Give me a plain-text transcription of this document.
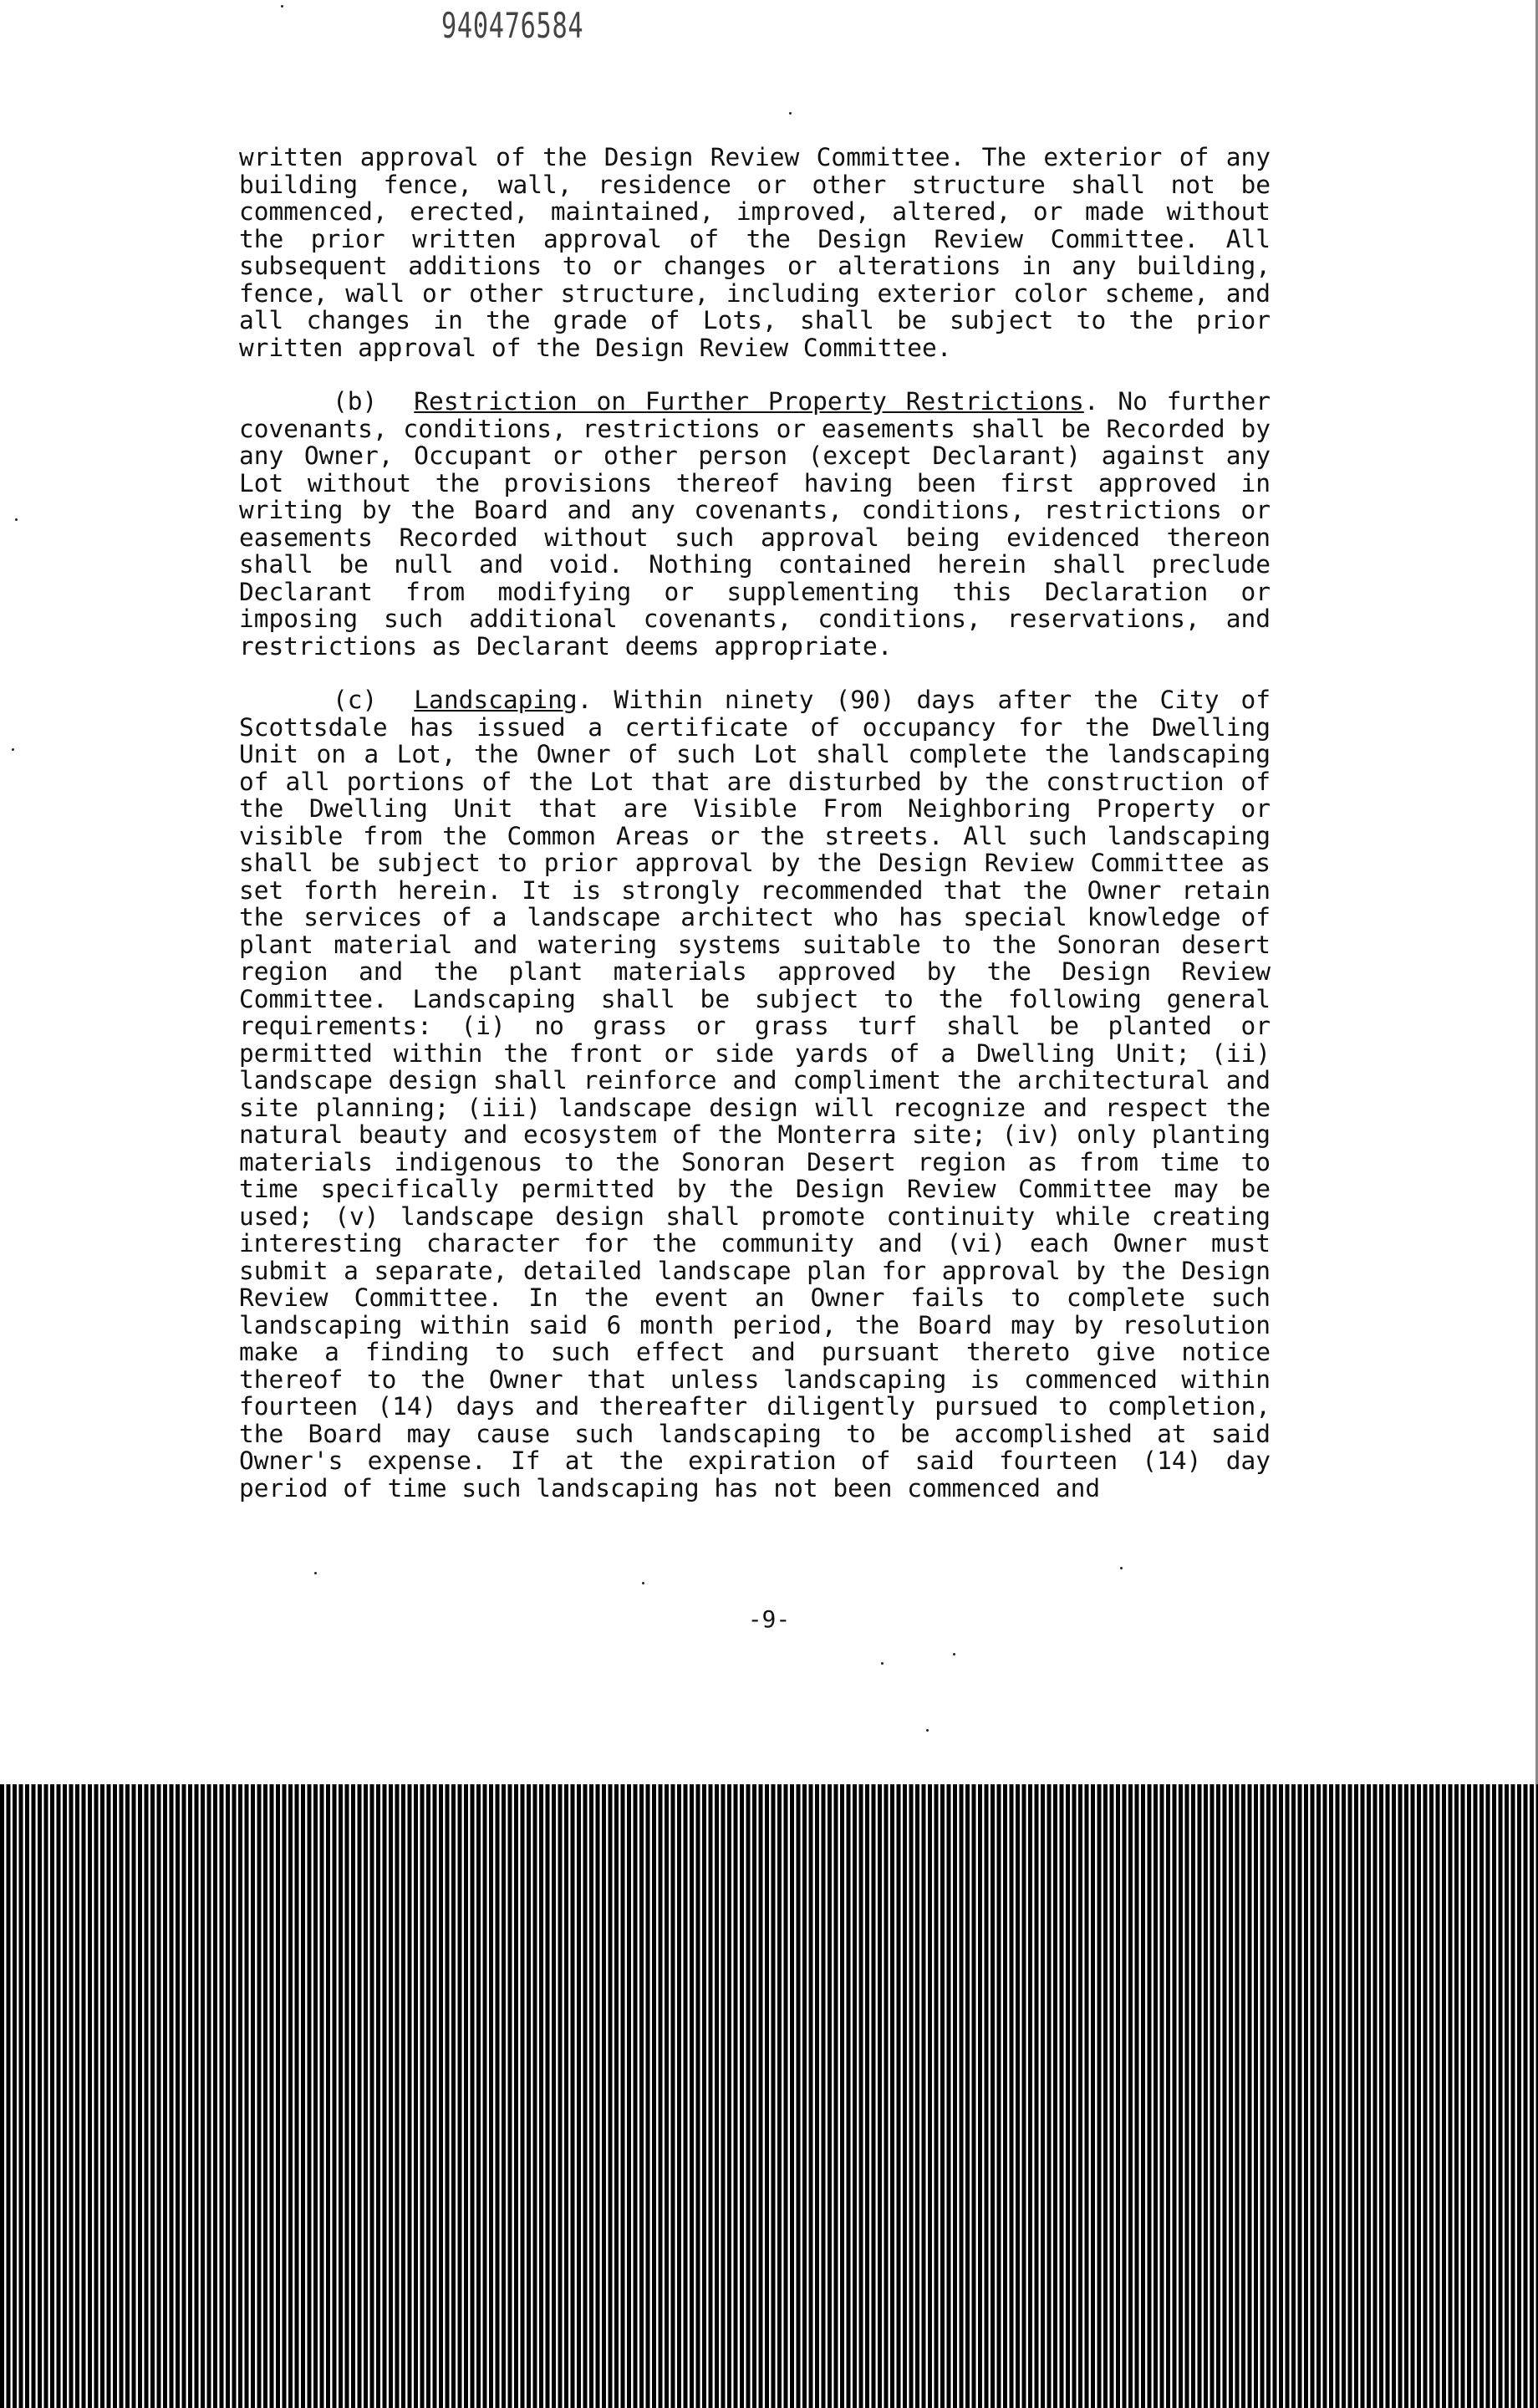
940476584

written approval of the Design Review Committee. The exterior of any building fence, wall, residence or other structure shall not be commenced, erected, maintained, improved, altered, or made without the prior written approval of the Design Review Committee. All subsequent additions to or changes or alterations in any building, fence, wall or other structure, including exterior color scheme, and all changes in the grade of Lots, shall be subject to the prior written approval of the Design Review Committee.

(b) Restriction on Further Property Restrictions. No further covenants, conditions, restrictions or easements shall be Recorded by any Owner, Occupant or other person (except Declarant) against any Lot without the provisions thereof having been first approved in writing by the Board and any covenants, conditions, restrictions or easements Recorded without such approval being evidenced thereon shall be null and void. Nothing contained herein shall preclude Declarant from modifying or supplementing this Declaration or imposing such additional covenants, conditions, reservations, and restrictions as Declarant deems appropriate.

(c) Landscaping. Within ninety (90) days after the City of Scottsdale has issued a certificate of occupancy for the Dwelling Unit on a Lot, the Owner of such Lot shall complete the landscaping of all portions of the Lot that are disturbed by the construction of the Dwelling Unit that are Visible From Neighboring Property or visible from the Common Areas or the streets. All such landscaping shall be subject to prior approval by the Design Review Committee as set forth herein. It is strongly recommended that the Owner retain the services of a landscape architect who has special knowledge of plant material and watering systems suitable to the Sonoran desert region and the plant materials approved by the Design Review Committee. Landscaping shall be subject to the following general requirements: (i) no grass or grass turf shall be planted or permitted within the front or side yards of a Dwelling Unit; (ii) landscape design shall reinforce and compliment the architectural and site planning; (iii) landscape design will recognize and respect the natural beauty and ecosystem of the Monterra site; (iv) only planting materials indigenous to the Sonoran Desert region as from time to time specifically permitted by the Design Review Committee may be used; (v) landscape design shall promote continuity while creating interesting character for the community and (vi) each Owner must submit a separate, detailed landscape plan for approval by the Design Review Committee. In the event an Owner fails to complete such landscaping within said 6 month period, the Board may by resolution make a finding to such effect and pursuant thereto give notice thereof to the Owner that unless landscaping is commenced within fourteen (14) days and thereafter diligently pursued to completion, the Board may cause such landscaping to be accomplished at said Owner's expense. If at the expiration of said fourteen (14) day period of time such landscaping has not been commenced and

-9-
